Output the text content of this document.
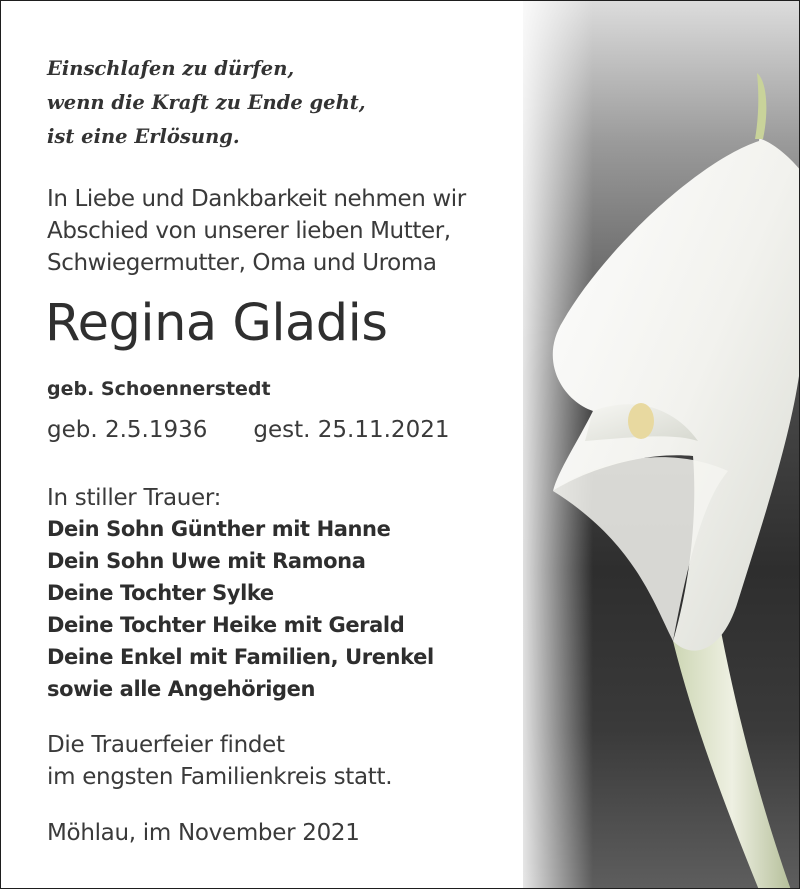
Einschlafen zu dürfen,
wenn die Kraft zu Ende geht,
ist eine Erlösung.
In Liebe und Dankbarkeit nehmen wir
Abschied von unserer lieben Mutter,
Schwiegermutter, Oma und Uroma
Regina Gladis
geb. Schoennerstedt
geb. 2.5.1936 gest. 25.11.2021
In stiller Trauer:
Dein Sohn Günther mit Hanne
Dein Sohn Uwe mit Ramona
Deine Tochter Sylke
Deine Tochter Heike mit Gerald
Deine Enkel mit Familien, Urenkel
sowie alle Angehörigen
Die Trauerfeier findet
im engsten Familienkreis statt.
Möhlau, im November 2021
